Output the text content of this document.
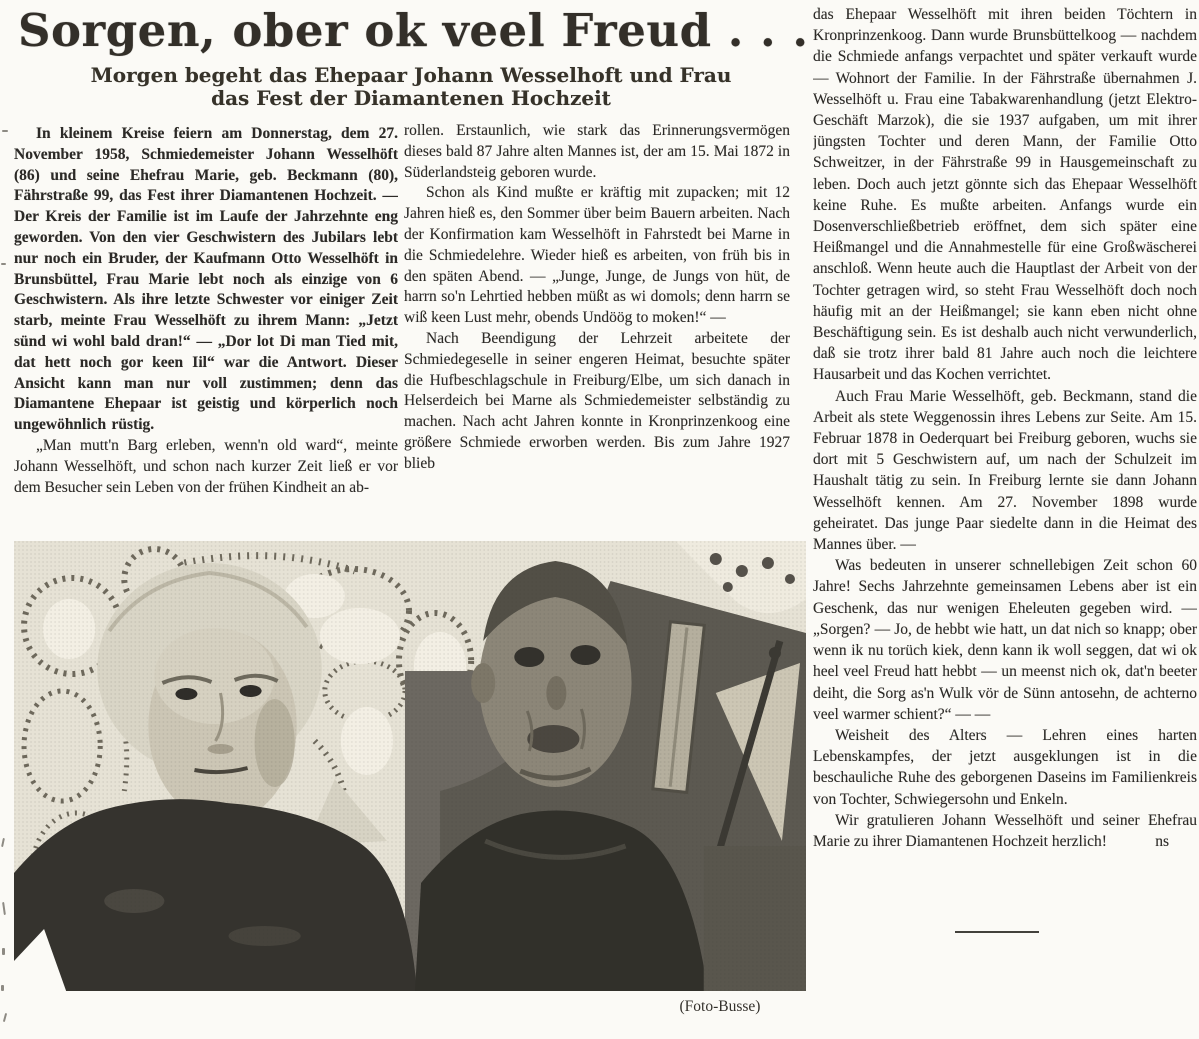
Sorgen, ober ok veel Freud . . .
Morgen begeht das Ehepaar Johann Wesselhoft und Frau
das Fest der Diamantenen Hochzeit

In kleinem Kreise feiern am Donnerstag, dem 27. November 1958, Schmiedemeister Johann Wesselhöft (86) und seine Ehefrau Marie, geb. Beckmann (80), Fährstraße 99, das Fest ihrer Diamantenen Hochzeit. — Der Kreis der Familie ist im Laufe der Jahrzehnte eng geworden. Von den vier Geschwistern des Jubilars lebt nur noch ein Bruder, der Kaufmann Otto Wesselhöft in Brunsbüttel, Frau Marie lebt noch als einzige von 6 Geschwistern. Als ihre letzte Schwester vor einiger Zeit starb, meinte Frau Wesselhöft zu ihrem Mann: „Jetzt sünd wi wohl bald dran!“ — „Dor lot Di man Tied mit, dat hett noch gor keen Iil“ war die Antwort. Dieser Ansicht kann man nur voll zustimmen; denn das Diamantene Ehepaar ist geistig und körperlich noch ungewöhnlich rüstig.

„Man mutt'n Barg erleben, wenn'n old ward“, meinte Johann Wesselhöft, und schon nach kurzer Zeit ließ er vor dem Besucher sein Leben von der frühen Kindheit an ab-

rollen. Erstaunlich, wie stark das Erinnerungsvermögen dieses bald 87 Jahre alten Mannes ist, der am 15. Mai 1872 in Süderlandsteig geboren wurde.

Schon als Kind mußte er kräftig mit zupacken; mit 12 Jahren hieß es, den Sommer über beim Bauern arbeiten. Nach der Konfirmation kam Wesselhöft in Fahrstedt bei Marne in die Schmiedelehre. Wieder hieß es arbeiten, von früh bis in den späten Abend. — „Junge, Junge, de Jungs von hüt, de harrn so'n Lehrtied hebben müßt as wi domols; denn harrn se wiß keen Lust mehr, obends Undöög to moken!“ —

Nach Beendigung der Lehrzeit arbeitete der Schmiedegeselle in seiner engeren Heimat, besuchte später die Hufbeschlagschule in Freiburg/Elbe, um sich danach in Helserdeich bei Marne als Schmiedemeister selbständig zu machen. Nach acht Jahren konnte in Kronprinzenkoog eine größere Schmiede erworben werden. Bis zum Jahre 1927 blieb

das Ehepaar Wesselhöft mit ihren beiden Töchtern in Kronprinzenkoog. Dann wurde Brunsbüttelkoog — nachdem die Schmiede anfangs verpachtet und später verkauft wurde — Wohnort der Familie. In der Fährstraße übernahmen J. Wesselhöft u. Frau eine Tabakwarenhandlung (jetzt Elektro-Geschäft Marzok), die sie 1937 aufgaben, um mit ihrer jüngsten Tochter und deren Mann, der Familie Otto Schweitzer, in der Fährstraße 99 in Hausgemeinschaft zu leben. Doch auch jetzt gönnte sich das Ehepaar Wesselhöft keine Ruhe. Es mußte arbeiten. Anfangs wurde ein Dosenverschließbetrieb eröffnet, dem sich später eine Heißmangel und die Annahmestelle für eine Großwäscherei anschloß. Wenn heute auch die Hauptlast der Arbeit von der Tochter getragen wird, so steht Frau Wesselhöft doch noch häufig mit an der Heißmangel; sie kann eben nicht ohne Beschäftigung sein. Es ist deshalb auch nicht verwunderlich, daß sie trotz ihrer bald 81 Jahre auch noch die leichtere Hausarbeit und das Kochen verrichtet.

Auch Frau Marie Wesselhöft, geb. Beckmann, stand die Arbeit als stete Weggenossin ihres Lebens zur Seite. Am 15. Februar 1878 in Oederquart bei Freiburg geboren, wuchs sie dort mit 5 Geschwistern auf, um nach der Schulzeit im Haushalt tätig zu sein. In Freiburg lernte sie dann Johann Wesselhöft kennen. Am 27. November 1898 wurde geheiratet. Das junge Paar siedelte dann in die Heimat des Mannes über. —

Was bedeuten in unserer schnellebigen Zeit schon 60 Jahre! Sechs Jahrzehnte gemeinsamen Lebens aber ist ein Geschenk, das nur wenigen Eheleuten gegeben wird. — „Sorgen? — Jo, de hebbt wie hatt, un dat nich so knapp; ober wenn ik nu torüch kiek, denn kann ik woll seggen, dat wi ok heel veel Freud hatt hebbt — un meenst nich ok, dat'n beeter deiht, die Sorg as'n Wulk vör de Sünn antosehn, de achterno veel warmer schient?“ — —

Weisheit des Alters — Lehren eines harten Lebenskampfes, der jetzt ausgeklungen ist in die beschauliche Ruhe des geborgenen Daseins im Familienkreis von Tochter, Schwiegersohn und Enkeln.

Wir gratulieren Johann Wesselhöft und seiner Ehefrau Marie zu ihrer Diamantenen Hochzeit herzlich!	ns

(Foto-Busse)
